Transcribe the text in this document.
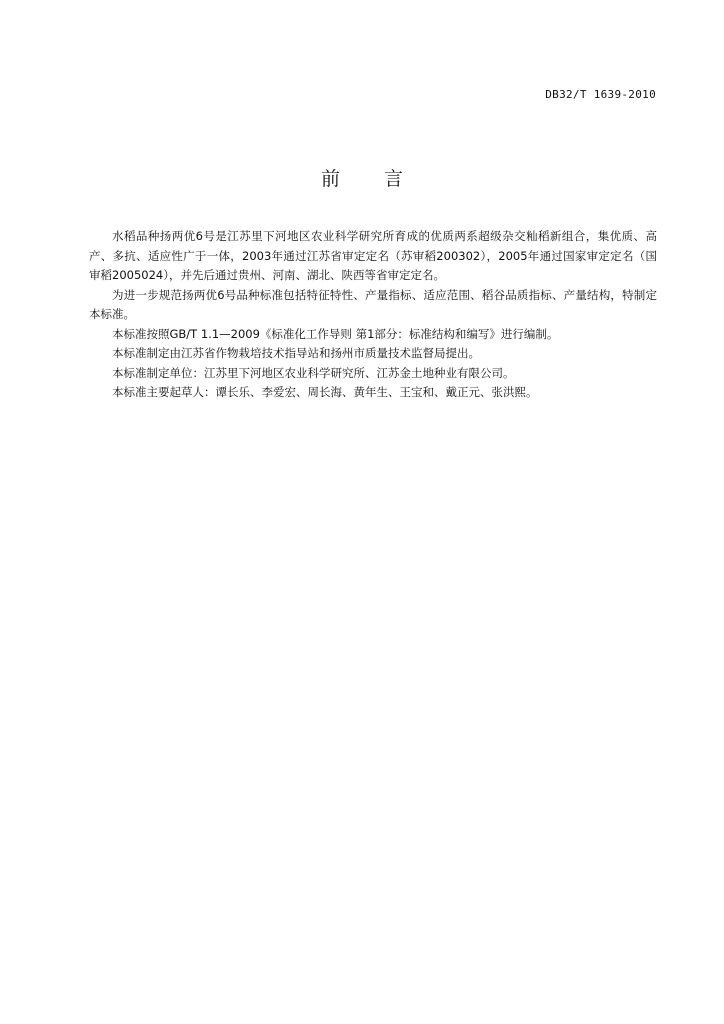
DB32/T 1639-2010
前 言

水稻品种扬两优6号是江苏里下河地区农业科学研究所育成的优质两系超级杂交籼稻新组合，集优质、高产、多抗、适应性广于一体，2003年通过江苏省审定定名（苏审稻200302），2005年通过国家审定定名（国审稻2005024），并先后通过贵州、河南、湖北、陕西等省审定定名。

为进一步规范扬两优6号品种标准包括特征特性、产量指标、适应范围、稻谷品质指标、产量结构，特制定本标准。

本标准按照GB/T 1.1—2009《标准化工作导则 第1部分：标准结构和编写》进行编制。

本标准制定由江苏省作物栽培技术指导站和扬州市质量技术监督局提出。

本标准制定单位：江苏里下河地区农业科学研究所、江苏金土地种业有限公司。

本标准主要起草人：谭长乐、李爱宏、周长海、黄年生、王宝和、戴正元、张洪熙。
